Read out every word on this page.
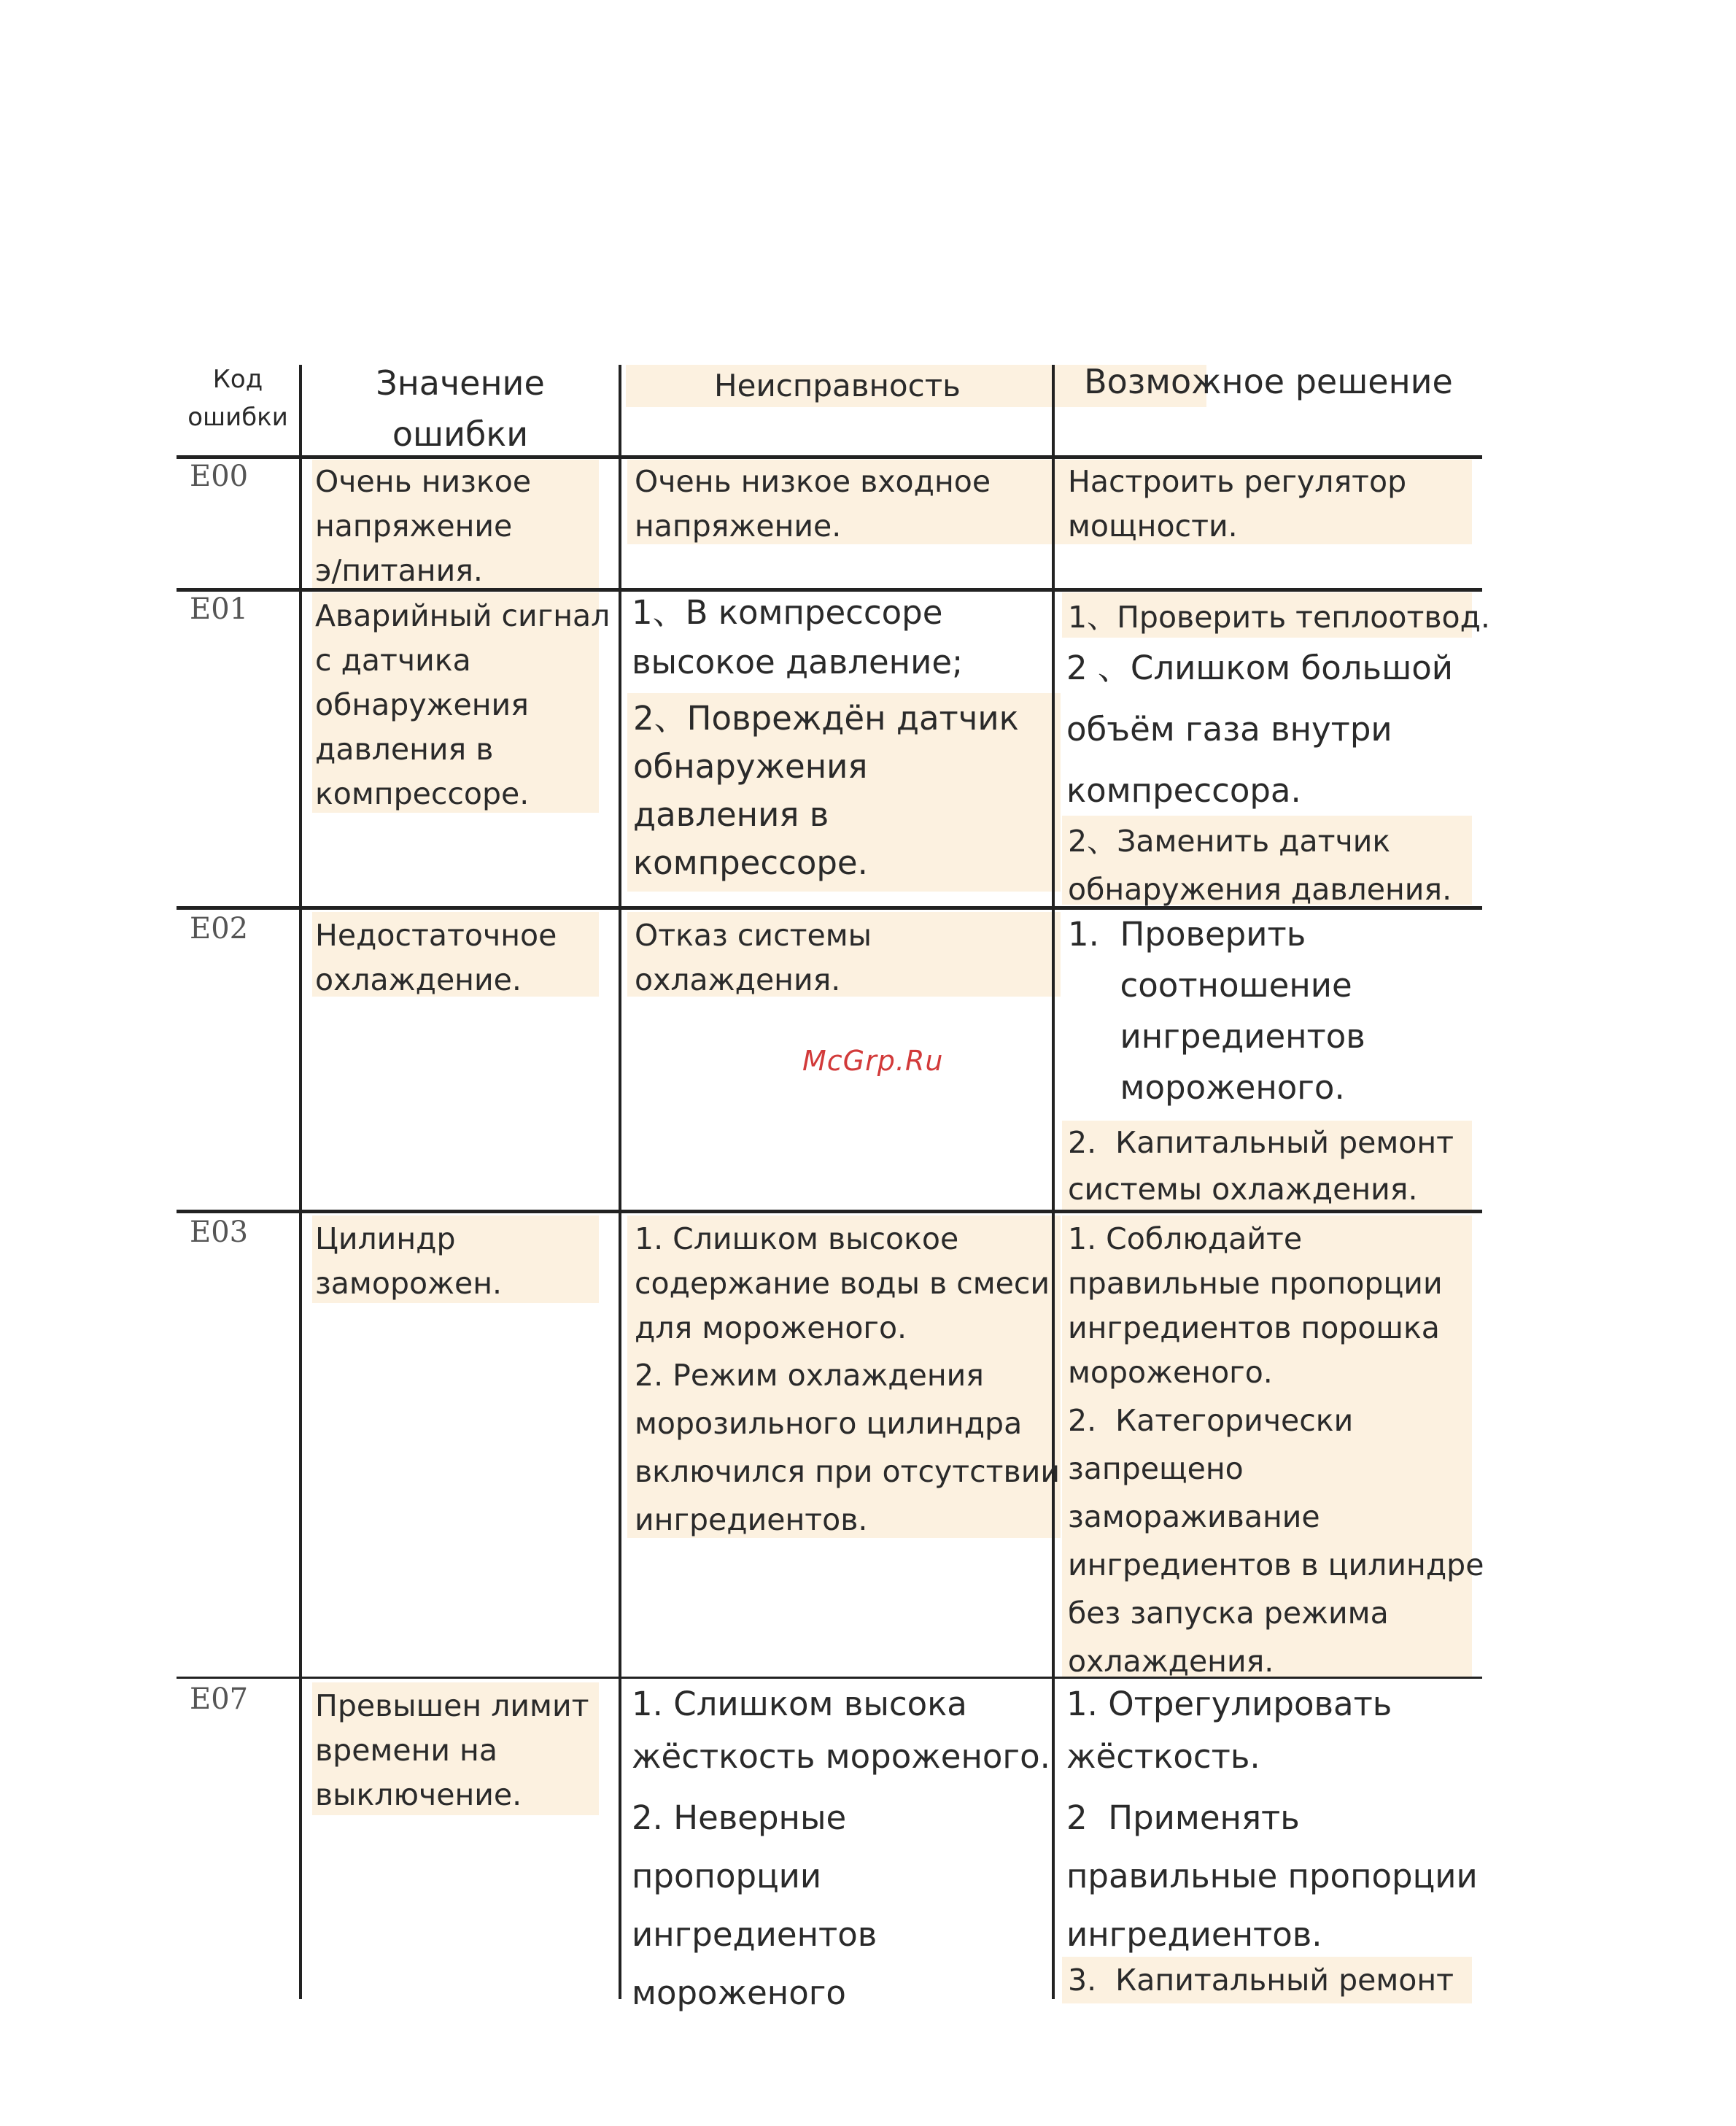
McGrp.Ru
Код
ошибки
Значение
ошибки
Неисправность	Возможное решение
E00 Очень низкое
напряжение
э/питания.
Очень низкое входное
напряжение.
Настроить регулятор
мощности.
E01 Аварийный сигнал
с датчика
обнаружения
давления в
компрессоре.
1、В компрессоре
высокое давление;
2、Повреждён датчик
обнаружения
давления в
компрессоре.
1、Проверить теплоотвод.
2 、Слишком большой
объём газа внутри
компрессора.
2、Заменить датчик
обнаружения давления.
E02 Недостаточное
охлаждение.
Отказ системы
охлаждения.
1.  Проверить
соотношение
ингредиентов
мороженого.
2.  Капитальный ремонт
системы охлаждения.
E03 Цилиндр
заморожен.
1. Слишком высокое
содержание воды в смеси
для мороженого.
2. Режим охлаждения
морозильного цилиндра
включился при отсутствии
ингредиентов.
1. Соблюдайте
правильные пропорции
ингредиентов порошка
мороженого.
2.  Категорически
запрещено
замораживание
ингредиентов в цилиндре
без запуска режима
охлаждения.
E07 Превышен лимит
времени на
выключение.
1. Слишком высока
жёсткость мороженого.
2. Неверные
пропорции
ингредиентов
мороженого
1. Отрегулировать
жёсткость.
2  Применять
правильные пропорции
ингредиентов.
3.  Капитальный ремонт
